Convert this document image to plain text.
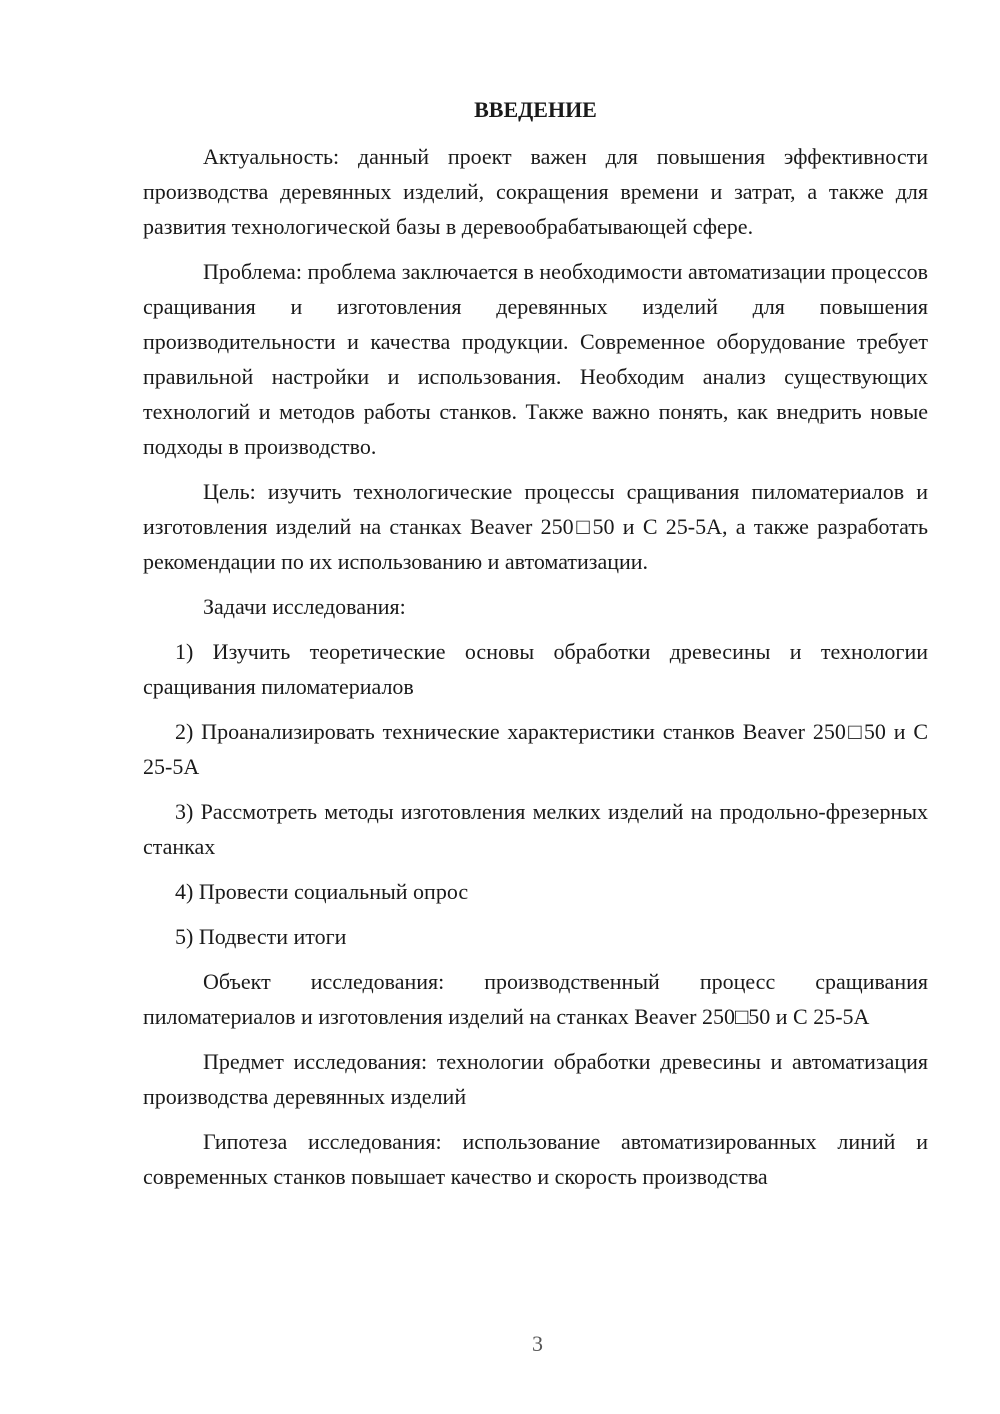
ВВЕДЕНИЕ

Актуальность: данный проект важен для повышения эффективности производства деревянных изделий, сокращения времени и затрат, а также для развития технологической базы в деревообрабатывающей сфере.

Проблема: проблема заключается в необходимости автоматизации процессов сращивания и изготовления деревянных изделий для повышения производительности и качества продукции. Современное оборудование требует правильной настройки и использования. Необходим анализ существующих технологий и методов работы станков. Также важно понять, как внедрить новые подходы в производство.

Цель: изучить технологические процессы сращивания пиломатериалов и изготовления изделий на станках Beaver 250□50 и С 25-5А, а также разработать рекомендации по их использованию и автоматизации.

Задачи исследования:

1) Изучить теоретические основы обработки древесины и технологии сращивания пиломатериалов

2) Проанализировать технические характеристики станков Beaver 250□50 и С 25-5А

3) Рассмотреть методы изготовления мелких изделий на продольно-фрезерных станках

4) Провести социальный опрос

5) Подвести итоги

Объект исследования: производственный процесс сращивания пиломатериалов и изготовления изделий на станках Beaver 250□50 и С 25-5А

Предмет исследования: технологии обработки древесины и автоматизация производства деревянных изделий

Гипотеза исследования: использование автоматизированных линий и современных станков повышает качество и скорость производства

3
